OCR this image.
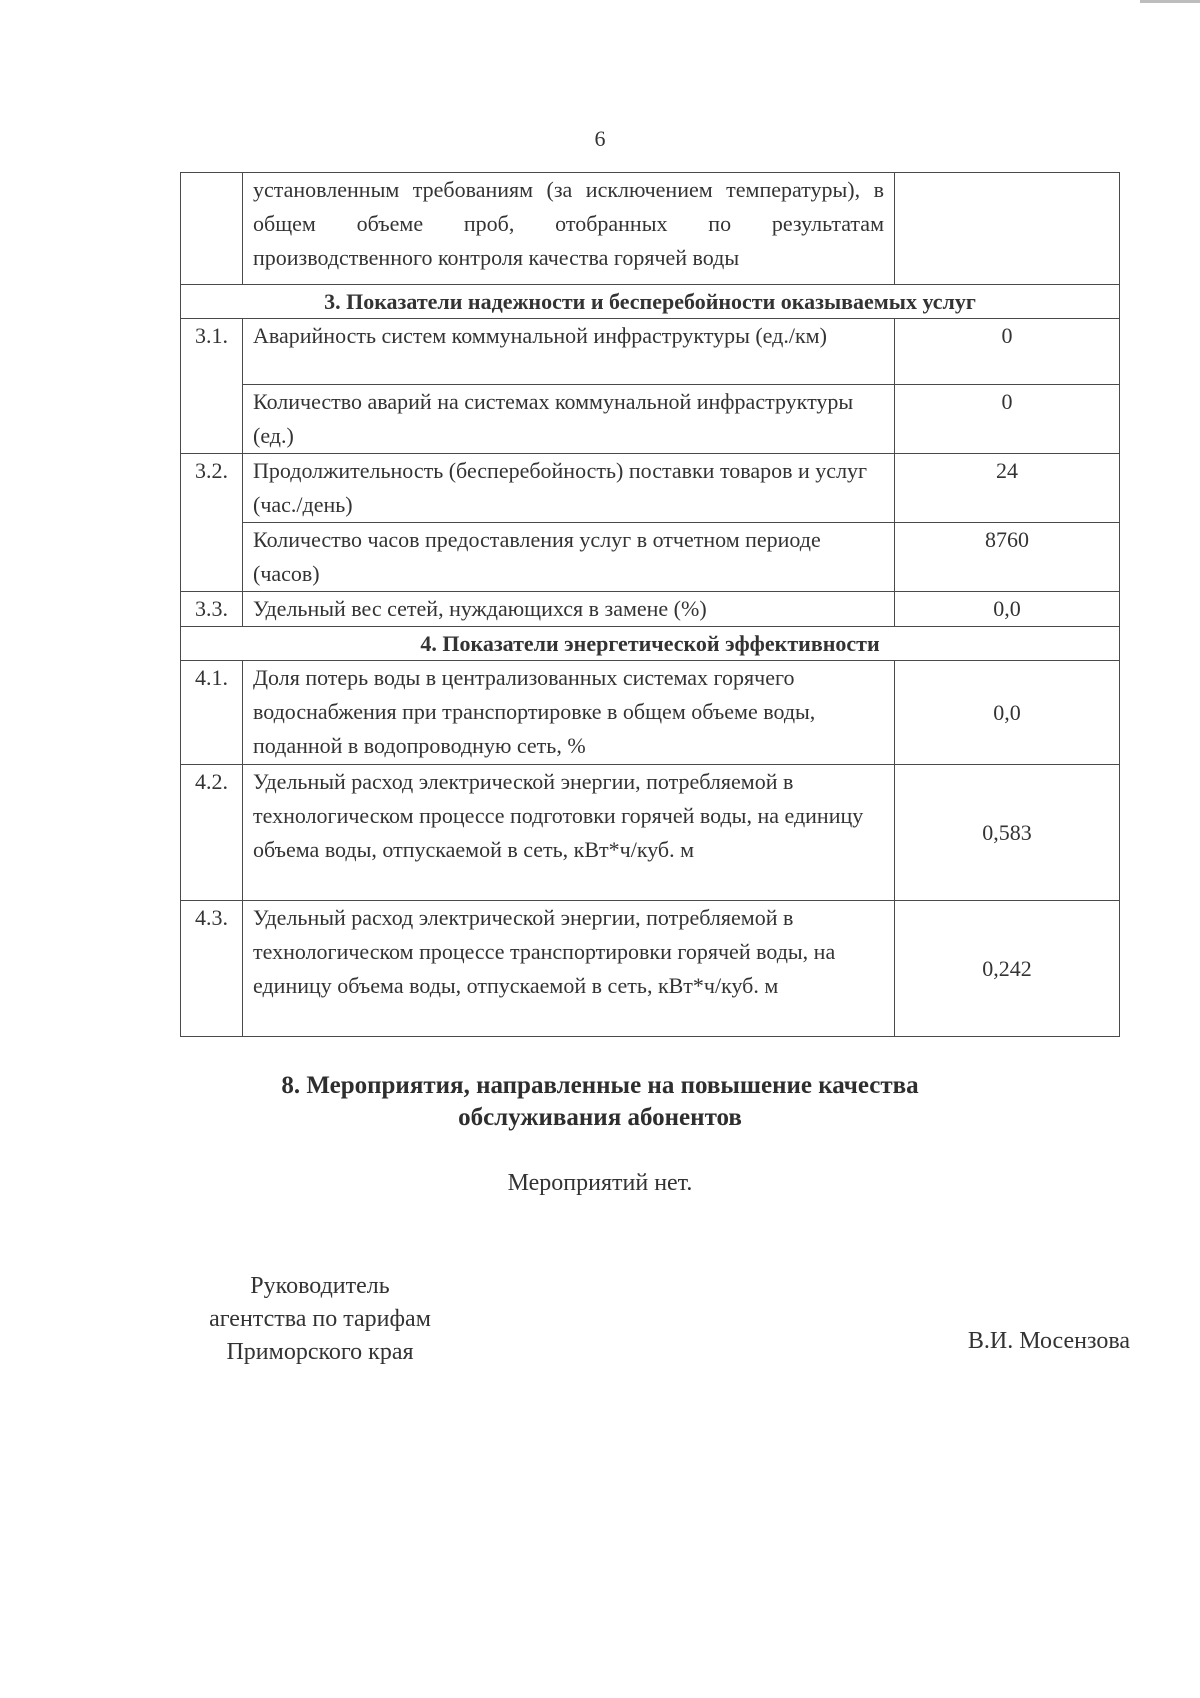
6
	установленным требованиям (за исключением температуры), в общем объеме проб, отобранных по результатам производственного контроля качества горячей воды	
3. Показатели надежности и бесперебойности оказываемых услуг		
3.1.	Аварийность систем коммунальной инфраструктуры (ед./км)	0
	Количество аварий на системах коммунальной инфраструктуры (ед.)	0
3.2.	Продолжительность (бесперебойность) поставки товаров и услуг (час./день)	24
	Количество часов предоставления услуг в отчетном периоде (часов)	8760
3.3.	Удельный вес сетей, нуждающихся в замене (%)	0,0
4. Показатели энергетической эффективности		
4.1.	Доля потерь воды в централизованных системах горячего водоснабжения при транспортировке в общем объеме воды, поданной в водопроводную сеть, %	0,0
4.2.	Удельный расход электрической энергии, потребляемой в технологическом процессе подготовки горячей воды, на единицу объема воды, отпускаемой в сеть, кВт*ч/куб. м	0,583
4.3.	Удельный расход электрической энергии, потребляемой в технологическом процессе транспортировки горячей воды, на единицу объема воды, отпускаемой в сеть, кВт*ч/куб. м	0,242
8. Мероприятия, направленные на повышение качества
обслуживания абонентов
Мероприятий нет.
Руководитель
агентства по тарифам
Приморского края	В.И. Мосензова
